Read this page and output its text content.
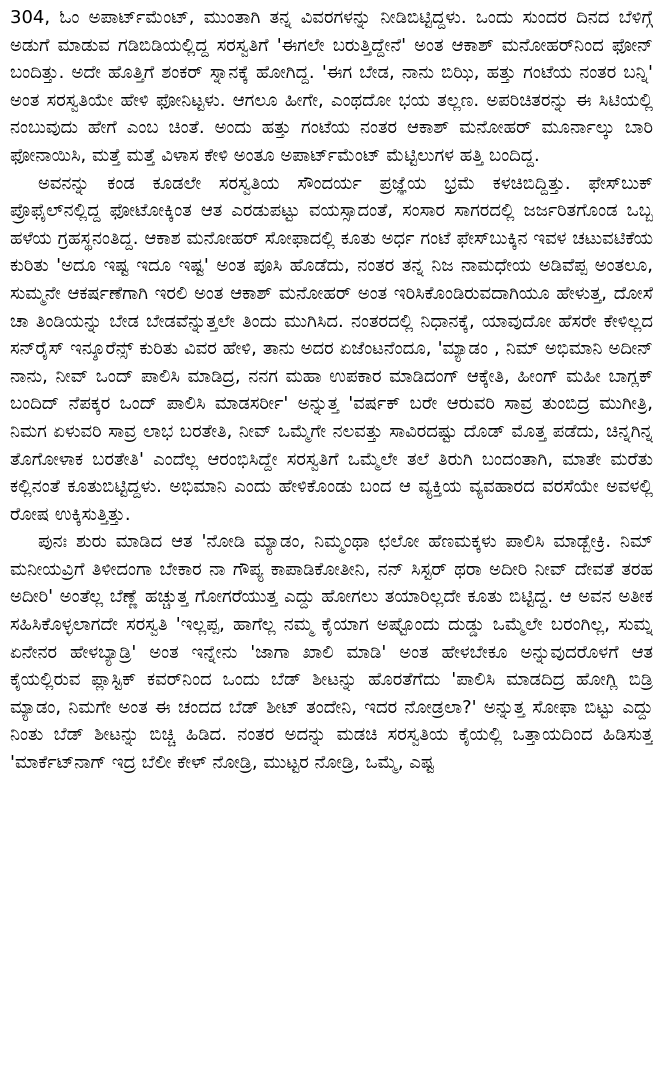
304, ಓಂ ಅಪಾರ್ಟ್‌ಮೆಂಟ್, ಮುಂತಾಗಿ ತನ್ನ ವಿವರಗಳನ್ನು ನೀಡಿಬಿಟ್ಟಿದ್ದಳು. ಒಂದು ಸುಂದರ ದಿನದ ಬೆಳಿಗ್ಗೆ ಅಡುಗೆ ಮಾಡುವ ಗಡಿಬಿಡಿಯಲ್ಲಿದ್ದ ಸರಸ್ವತಿಗೆ 'ಈಗಲೇ ಬರುತ್ತಿದ್ದೇನೆ' ಅಂತ ಆಕಾಶ್ ಮನೋಹರ್‌ನಿಂದ ಫೋನ್ ಬಂದಿತ್ತು. ಅದೇ ಹೊತ್ತಿಗೆ ಶಂಕರ್ ಸ್ನಾನಕ್ಕೆ ಹೋಗಿದ್ದ. 'ಈಗ ಬೇಡ, ನಾನು ಬಿಝಿ, ಹತ್ತು ಗಂಟೆಯ ನಂತರ ಬನ್ನಿ' ಅಂತ ಸರಸ್ವತಿಯೇ ಹೇಳಿ ಫೋನಿಟ್ಟಳು. ಆಗಲೂ ಹೀಗೇ, ಎಂಥದೋ ಭಯ ತಲ್ಲಣ. ಅಪರಿಚಿತರನ್ನು ಈ ಸಿಟಿಯಲ್ಲಿ ನಂಬುವುದು ಹೇಗೆ ಎಂಬ ಚಿಂತೆ. ಅಂದು ಹತ್ತು ಗಂಟೆಯ ನಂತರ ಆಕಾಶ್ ಮನೋಹರ್ ಮೂರ್ನಾಲ್ಕು ಬಾರಿ ಫೋನಾಯಿಸಿ, ಮತ್ತೆ ಮತ್ತೆ ವಿಳಾಸ ಕೇಳಿ ಅಂತೂ ಅಪಾರ್ಟ್‌ಮೆಂಟ್ ಮೆಟ್ಟಿಲುಗಳ ಹತ್ತಿ ಬಂದಿದ್ದ.

ಅವನನ್ನು ಕಂಡ ಕೂಡಲೇ ಸರಸ್ವತಿಯ ಸೌಂದರ್ಯ ಪ್ರಜ್ಞೆಯ ಭ್ರಮೆ ಕಳಚಿಬಿದ್ದಿತ್ತು. ಫೇಸ್‌ಬುಕ್ ಪ್ರೊಫೈಲ್‌ನಲ್ಲಿದ್ದ ಫೋಟೋಕ್ಕಿಂತ ಆತ ಎರಡುಪಟ್ಟು ವಯಸ್ಸಾದಂತೆ, ಸಂಸಾರ ಸಾಗರದಲ್ಲಿ ಜರ್ಜರಿತಗೊಂಡ ಒಬ್ಬ ಹಳೆಯ ಗ್ರಹಸ್ಥನಂತಿದ್ದ. ಆಕಾಶ ಮನೋಹರ್ ಸೋಫಾದಲ್ಲಿ ಕೂತು ಅರ್ಧ ಗಂಟೆ ಫೇಸ್‌ಬುಕ್ಕಿನ ಇವಳ ಚಟುವಟಿಕೆಯ ಕುರಿತು 'ಅದೂ ಇಷ್ಟ ಇದೂ ಇಷ್ಟ' ಅಂತ ಪೂಸಿ ಹೊಡೆದು, ನಂತರ ತನ್ನ ನಿಜ ನಾಮಧೇಯ ಅಡಿವೆಪ್ಪ ಅಂತಲೂ, ಸುಮ್ಮನೇ ಆಕರ್ಷಣೆಗಾಗಿ ಇರಲಿ ಅಂತ ಆಕಾಶ್ ಮನೋಹರ್ ಅಂತ ಇರಿಸಿಕೊಂಡಿರುವದಾಗಿಯೂ ಹೇಳುತ್ತ, ದೋಸೆ ಚಾ ತಿಂಡಿಯನ್ನು ಬೇಡ ಬೇಡವೆನ್ನುತ್ತಲೇ ತಿಂದು ಮುಗಿಸಿದ. ನಂತರದಲ್ಲಿ ನಿಧಾನಕ್ಕೆ, ಯಾವುದೋ ಹೆಸರೇ ಕೇಳಿಲ್ಲದ ಸನ್‌ರೈಸ್ ಇನ್ಶೂರೆನ್ಸ್ ಕುರಿತು ವಿವರ ಹೇಳಿ, ತಾನು ಅದರ ಏಜೆಂಟನೆಂದೂ, 'ಮ್ಯಾಡಂ , ನಿಮ್ ಅಭಿಮಾನಿ ಅದೀನ್ ನಾನು, ನೀವ್ ಒಂದ್ ಪಾಲಿಸಿ ಮಾಡಿದ್ರ, ನನಗ ಮಹಾ ಉಪಕಾರ ಮಾಡಿದಂಗ್ ಆಕ್ಕೇತಿ, ಹೀಂಗ್ ಮಹೀ ಬಾಗ್ಲಕ್ ಬಂದಿದ್ ನೆಪಕ್ಕರ ಒಂದ್ ಪಾಲಿಸಿ ಮಾಡಸರ್ರೀ' ಅನ್ನುತ್ತ 'ವರ್ಷಕ್ ಬರೇ ಆರುವರಿ ಸಾವ್ರ ತುಂಬಿದ್ರ ಮುಗೀತ್ರಿ, ನಿಮಗ ಏಳುವರಿ ಸಾವ್ರ ಲಾಭ ಬರತೇತಿ, ನೀವ್ ಒಮ್ಮೆಗೇ ನಲವತ್ತು ಸಾವಿರದಷ್ಟು ದೊಡ್ ಮೊತ್ತ ಪಡೆದು, ಚಿನ್ನಗಿನ್ನ ತೊಗೋಳಾಕ ಬರತೇತಿ' ಎಂದೆಲ್ಲ ಆರಂಭಿಸಿದ್ದೇ ಸರಸ್ವತಿಗೆ ಒಮ್ಮೆಲೇ ತಲೆ ತಿರುಗಿ ಬಂದಂತಾಗಿ, ಮಾತೇ ಮರೆತು ಕಲ್ಲಿನಂತೆ ಕೂತುಬಿಟ್ಟಿದ್ದಳು. ಅಭಿಮಾನಿ ಎಂದು ಹೇಳಿಕೊಂಡು ಬಂದ ಆ ವ್ಯಕ್ತಿಯ ವ್ಯವಹಾರದ ವರಸೆಯೇ ಅವಳಲ್ಲಿ ರೋಷ ಉಕ್ಕಿಸುತ್ತಿತ್ತು.

ಪುನಃ ಶುರು ಮಾಡಿದ ಆತ 'ನೋಡಿ ಮ್ಯಾಡಂ, ನಿಮ್ಮಂಥಾ ಛಲೋ ಹೆಣಮಕ್ಕಳು ಪಾಲಿಸಿ ಮಾಡ್ಬೇಕ್ರಿ. ನಿಮ್ ಮನೀಯವ್ರಿಗೆ ತಿಳೀದಂಗಾ ಬೇಕಾರ ನಾ ಗೌಪ್ಯ ಕಾಪಾಡಿಕೋತೀನಿ, ನನ್ ಸಿಸ್ಟರ್ ಥರಾ ಅದೀರಿ ನೀವ್ ದೇವತೆ ತರಹ ಅದೀರಿ' ಅಂತೆಲ್ಲ ಬೆಣ್ಣೆ ಹಚ್ಚುತ್ತ ಗೋಗರೆಯುತ್ತ ಎದ್ದು ಹೋಗಲು ತಯಾರಿಲ್ಲದೇ ಕೂತು ಬಿಟ್ಟಿದ್ದ. ಆ ಅವನ ಅತೀಕ ಸಹಿಸಿಕೊಳ್ಳಲಾಗದೇ ಸರಸ್ವತಿ 'ಇಲ್ಲಪ್ಪ, ಹಾಗೆಲ್ಲ ನಮ್ಮ ಕೈಯಾಗ ಅಷ್ಟೊಂದು ದುಡ್ಡು ಒಮ್ಮೆಲೇ ಬರಂಗಿಲ್ಲ, ಸುಮ್ನ ಏನೇನರ ಹೇಳಬ್ಯಾಡ್ರಿ' ಅಂತ ಇನ್ನೇನು 'ಜಾಗಾ ಖಾಲಿ ಮಾಡಿ' ಅಂತ ಹೇಳಬೇಕೂ ಅನ್ನುವುದರೊಳಗೆ ಆತ ಕೈಯಲ್ಲಿರುವ ಪ್ಲಾಸ್ಟಿಕ್ ಕವರ್‌ನಿಂದ ಒಂದು ಬೆಡ್ ಶೀಟನ್ನು ಹೊರತೆಗೆದು 'ಪಾಲಿಸಿ ಮಾಡದಿದ್ರ ಹೋಗ್ಲಿ ಬಿಡ್ರಿ ಮ್ಯಾಡಂ, ನಿಮಗೇ ಅಂತ ಈ ಚಂದದ ಬೆಡ್ ಶೀಟ್ ತಂದೇನಿ, ಇದರ ನೋಡ್ರಲಾ?' ಅನ್ನುತ್ತ ಸೋಫಾ ಬಿಟ್ಟು ಎದ್ದು ನಿಂತು ಬೆಡ್ ಶೀಟನ್ನು ಬಿಚ್ಚಿ ಹಿಡಿದ. ನಂತರ ಅದನ್ನು ಮಡಚಿ ಸರಸ್ವತಿಯ ಕೈಯಲ್ಲಿ ಒತ್ತಾಯದಿಂದ ಹಿಡಿಸುತ್ತ 'ಮಾರ್ಕೆಟ್‌ನಾಗ್ ಇದ್ರ ಬೆಲೀ ಕೇಳ್ ನೋಡ್ರಿ, ಮುಟ್ಟರ ನೋಡ್ರಿ, ಒಮ್ಮೆ, ಎಷ್ಟ
